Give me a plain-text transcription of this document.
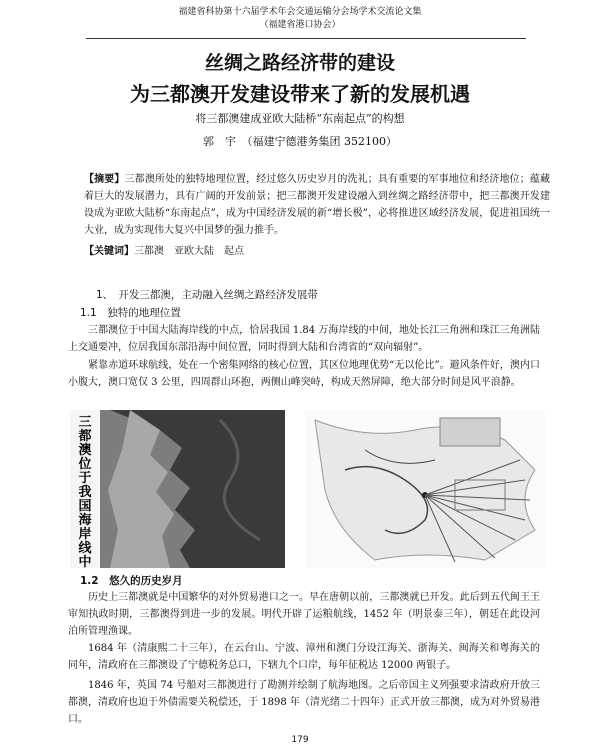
福建省科协第十六届学术年会交通运输分会场学术交流论文集
（福建省港口协会）
丝绸之路经济带的建设
为三都澳开发建设带来了新的发展机遇
将三都澳建成亚欧大陆桥“东南起点”的构想
郭　宇　（福建宁德港务集团 352100）
【摘要】三都澳所处的独特地理位置，经过悠久历史岁月的洗礼；具有重要的军事地位和经济地位；蕴藏着巨大的发展潜力，具有广阔的开发前景；把三都澳开发建设融入到丝绸之路经济带中，把三都澳开发建设成为亚欧大陆桥“东南起点”，成为中国经济发展的新“增长极”，必将推进区域经济发展，促进祖国统一大业，成为实现伟大复兴中国梦的强力推手。
【关键词】三都澳　亚欧大陆　起点
1、　开发三都澳，主动融入丝绸之路经济发展带
1.1　独特的地理位置
三都澳位于中国大陆海岸线的中点，恰居我国 1.84 万海岸线的中间，地处长江三角洲和珠江三角洲陆上交通要冲，位居我国东部沿海中间位置，同时得到大陆和台湾省的“双向辐射”。
紧靠赤道环球航线，处在一个密集网络的核心位置，其区位地理优势“无以伦比”。避风条件好，澳内口小腹大，澳口宽仅 3 公里，四周群山环抱，两侧山峰突峙，构成天然屏障，绝大部分时间是风平浪静。
三都澳位于我国海岸线中
1.2　悠久的历史岁月
历史上三都澳就是中国繁华的对外贸易港口之一。早在唐朝以前，三都澳就已开发。此后到五代闽王王审知执政时期，三都澳得到进一步的发展。明代开辟了运粮航线，1452 年（明景泰三年），朝廷在此设河泊所管理渔课。
1684 年（清康熙二十三年），在云台山、宁波、漳州和澳门分设江海关、浙海关、闽海关和粤海关的同年，清政府在三都澳设了宁德税务总口，下辖九个口岸，每年征税达 12000 两银子。
1846 年，英国 74 号船对三都澳进行了勘测并绘制了航海地图。之后帝国主义列强要求清政府开放三都澳，清政府也迫于外债需要关税偿还，于 1898 年（清光绪二十四年）正式开放三都澳，成为对外贸易港口。
179
